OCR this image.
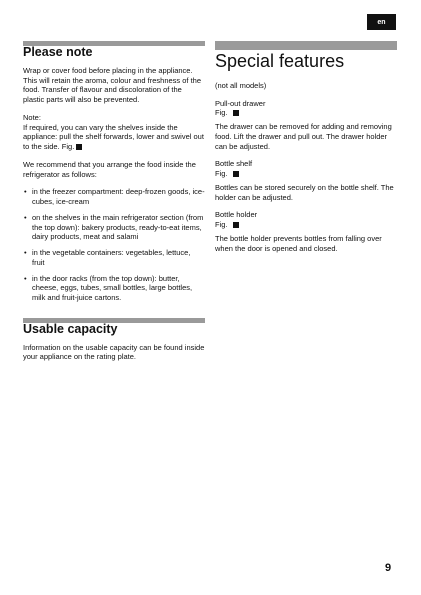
en
Please note

Wrap or cover food before placing in the appliance. This will retain the aroma, colour and freshness of the food. Transfer of flavour and discoloration of the plastic parts will also be prevented.

Note:

If required, you can vary the shelves inside the appliance: pull the shelf forwards, lower and swivel out to the side. Fig.

We recommend that you arrange the food inside the refrigerator as follows:

• in the freezer compartment: deep-frozen goods, ice-cubes, ice-cream
• on the shelves in the main refrigerator section (from the top down): bakery products, ready-to-eat items, dairy products, meat and salami
• in the vegetable containers: vegetables, lettuce, fruit
• in the door racks (from the top down): butter, cheese, eggs, tubes, small bottles, large bottles, milk and fruit-juice cartons.
Usable capacity

Information on the usable capacity can be found inside your appliance on the rating plate.

Special features

(not all models)

Pull-out drawer

Fig.

The drawer can be removed for adding and removing food. Lift the drawer and pull out. The drawer holder can be adjusted.

Bottle shelf

Fig.

Bottles can be stored securely on the bottle shelf. The holder can be adjusted.

Bottle holder

Fig.

The bottle holder prevents bottles from falling over when the door is opened and closed.

9
